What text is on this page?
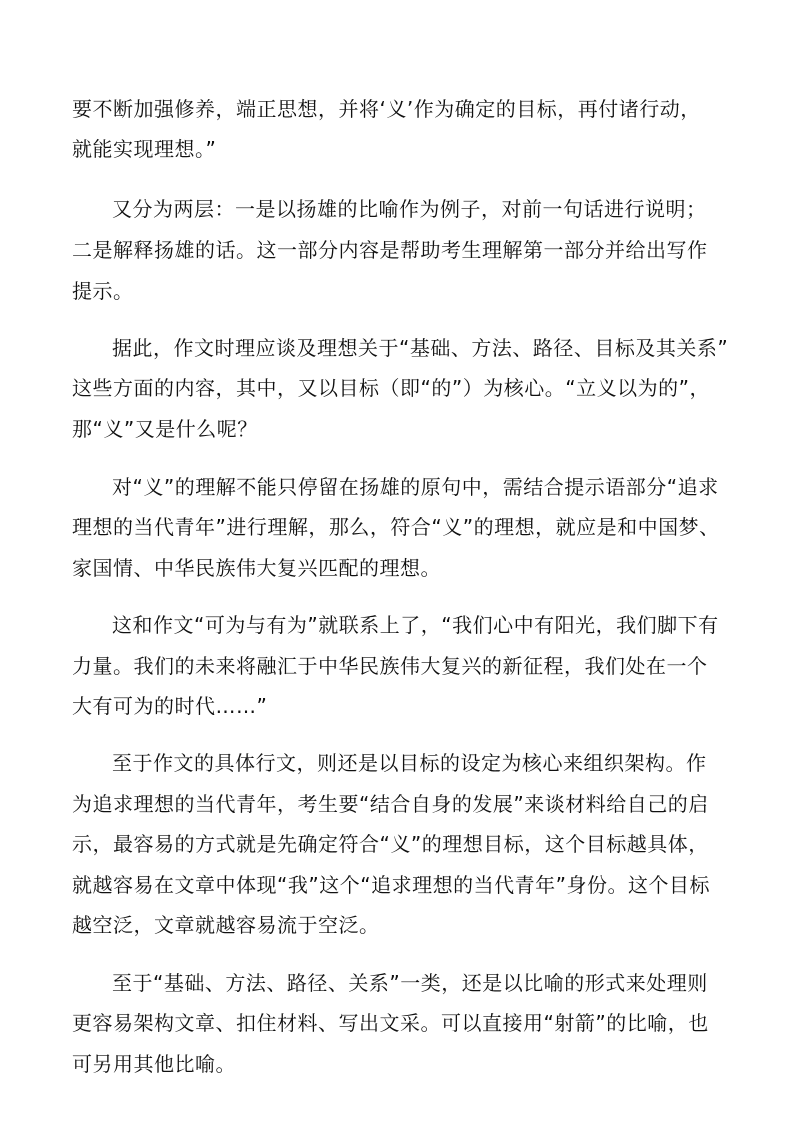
要不断加强修养，端正思想，并将‘义’作为确定的目标，再付诸行动，
就能实现理想。”
又分为两层：一是以扬雄的比喻作为例子，对前一句话进行说明；
二是解释扬雄的话。这一部分内容是帮助考生理解第一部分并给出写作
提示。
据此，作文时理应谈及理想关于“基础、方法、路径、目标及其关系”
这些方面的内容，其中，又以目标（即“的”）为核心。“立义以为的”，
那“义”又是什么呢？
对“义”的理解不能只停留在扬雄的原句中，需结合提示语部分“追求
理想的当代青年”进行理解，那么，符合“义”的理想，就应是和中国梦、
家国情、中华民族伟大复兴匹配的理想。
这和作文“可为与有为”就联系上了，“我们心中有阳光，我们脚下有
力量。我们的未来将融汇于中华民族伟大复兴的新征程，我们处在一个
大有可为的时代……”
至于作文的具体行文，则还是以目标的设定为核心来组织架构。作
为追求理想的当代青年，考生要“结合自身的发展”来谈材料给自己的启
示，最容易的方式就是先确定符合“义”的理想目标，这个目标越具体，
就越容易在文章中体现“我”这个“追求理想的当代青年”身份。这个目标
越空泛，文章就越容易流于空泛。
至于“基础、方法、路径、关系”一类，还是以比喻的形式来处理则
更容易架构文章、扣住材料、写出文采。可以直接用“射箭”的比喻，也
可另用其他比喻。
